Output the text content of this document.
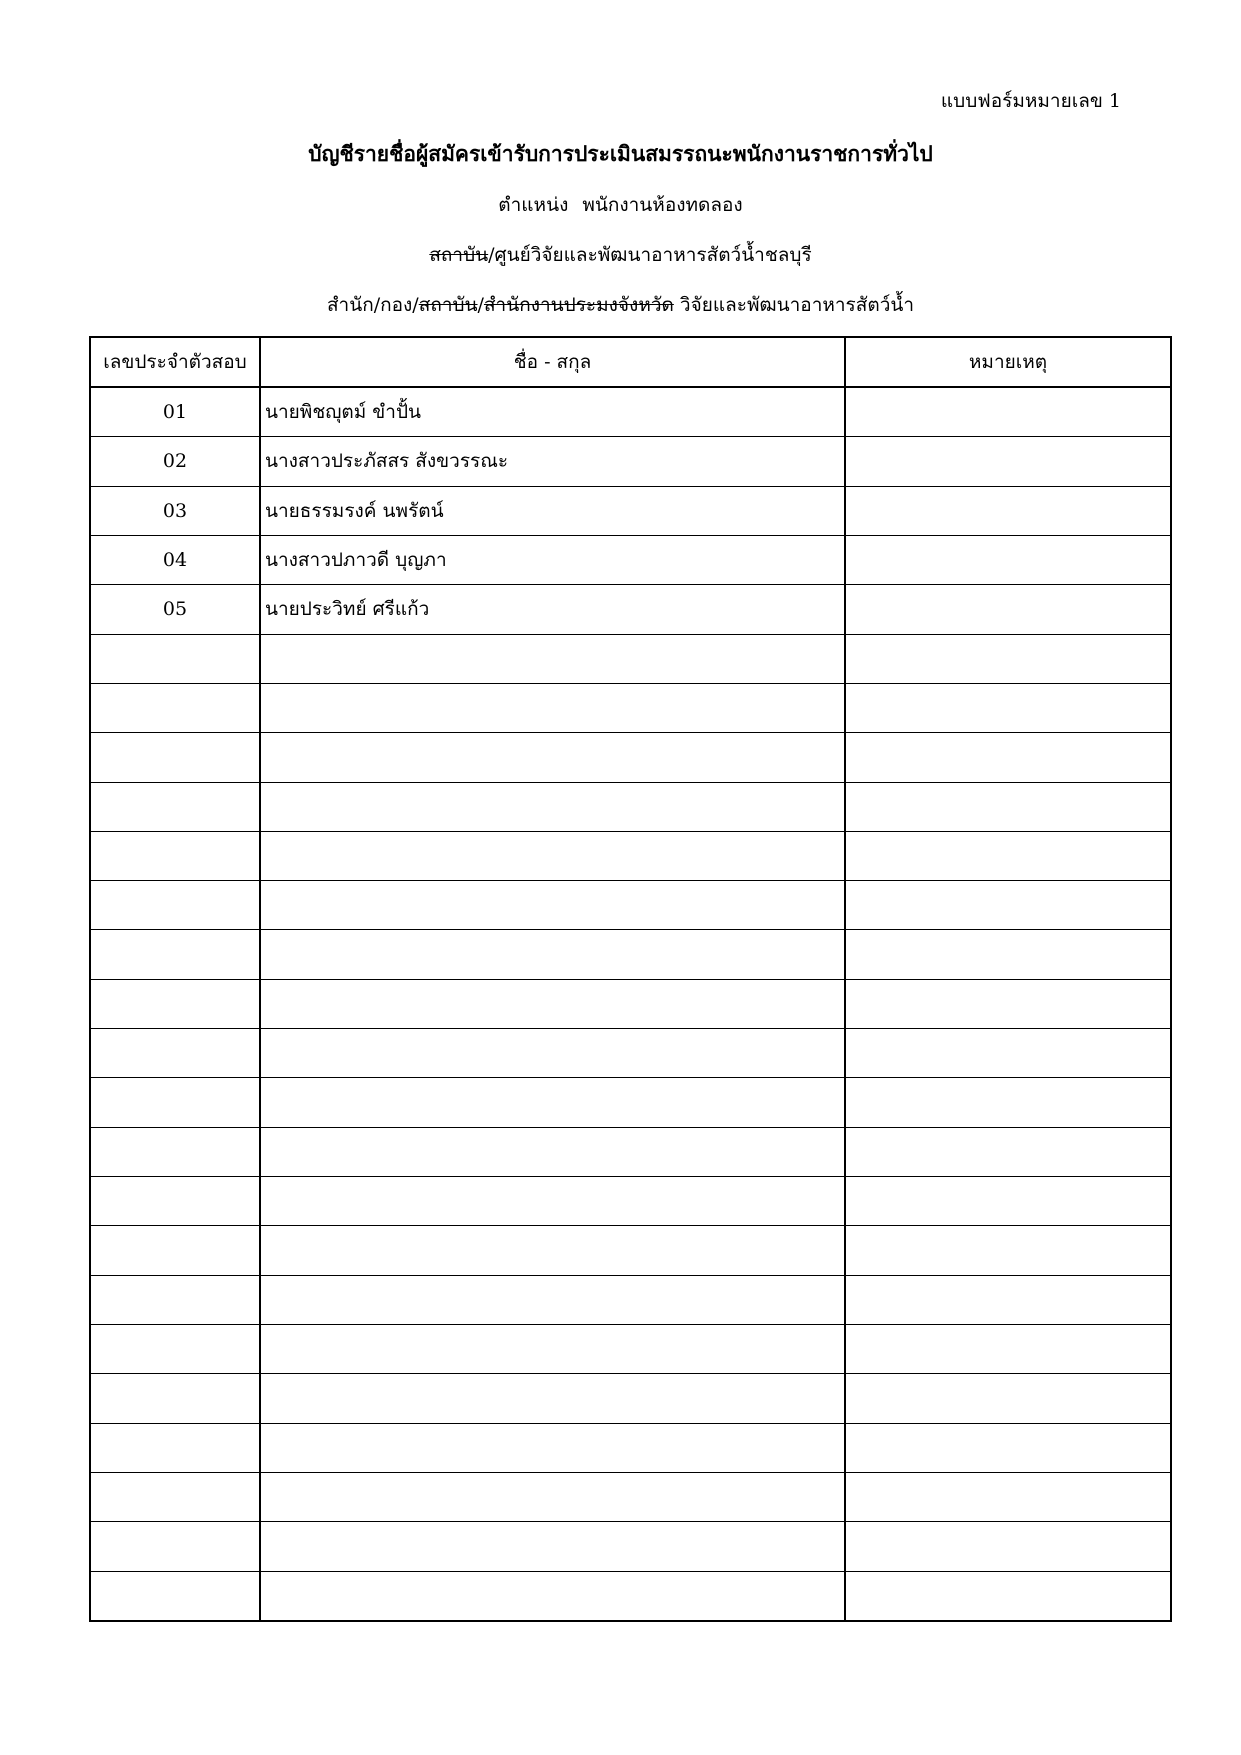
แบบฟอร์มหมายเลข 1
บัญชีรายชื่อผู้สมัครเข้ารับการประเมินสมรรถนะพนักงานราชการทั่วไป
ตำแหน่ง พนักงานห้องทดลอง
สถาบัน/ศูนย์วิจัยและพัฒนาอาหารสัตว์น้ำชลบุรี
สำนัก/กอง/สถาบัน/สำนักงานประมงจังหวัด วิจัยและพัฒนาอาหารสัตว์น้ำ
เลขประจำตัวสอบ	ชื่อ - สกุล	หมายเหตุ
01	นายพิชญุตม์ ขำปั้น	
02	นางสาวประภัสสร สังขวรรณะ	
03	นายธรรมรงค์ นพรัตน์	
04	นางสาวปภาวดี บุญภา	
05	นายประวิทย์ ศรีแก้ว	
